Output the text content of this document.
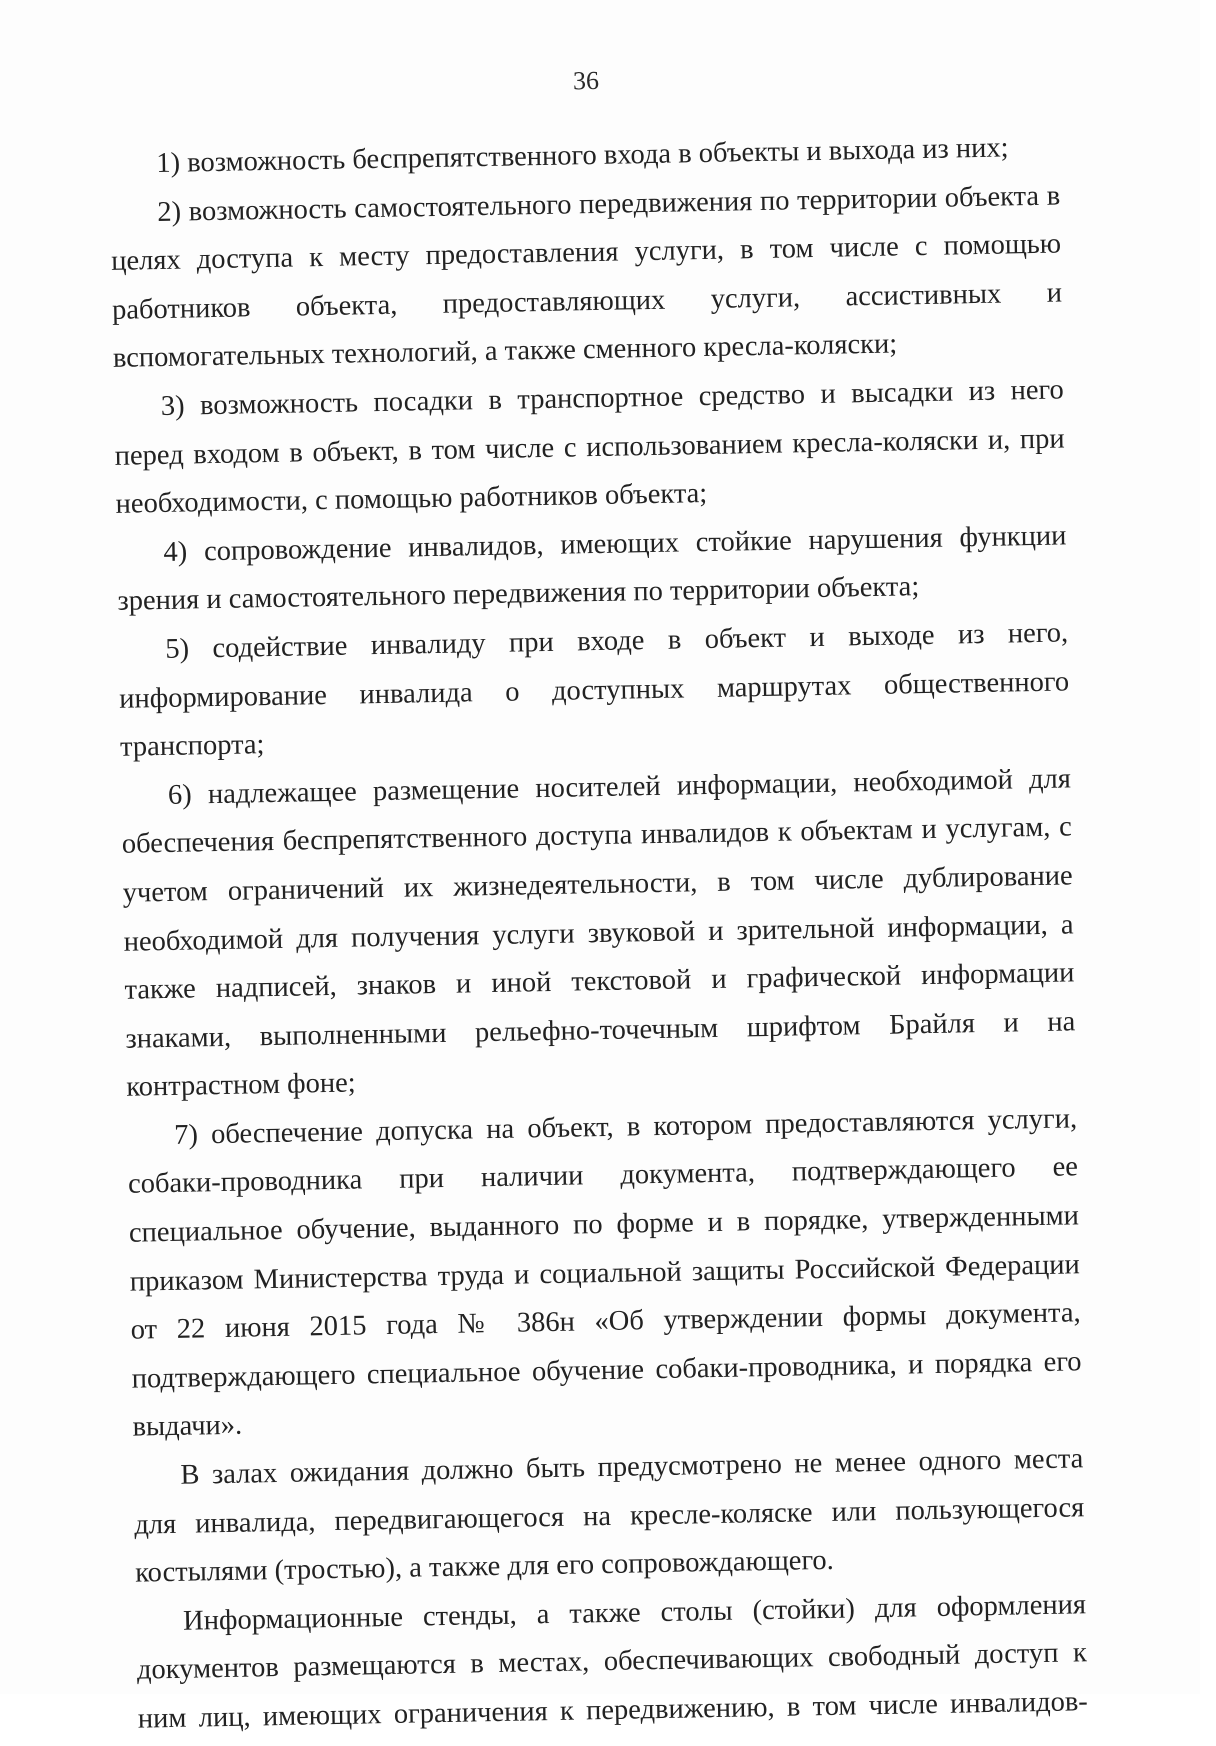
36

1) возможность беспрепятственного входа в объекты и выхода из них;

2) возможность самостоятельного передвижения по территории объекта в целях доступа к месту предоставления услуги, в том числе с помощью работников объекта, предоставляющих услуги, ассистивных и вспомогательных технологий, а также сменного кресла-коляски;

3) возможность посадки в транспортное средство и высадки из него перед входом в объект, в том числе с использованием кресла-коляски и, при необходимости, с помощью работников объекта;

4) сопровождение инвалидов, имеющих стойкие нарушения функции зрения и самостоятельного передвижения по территории объекта;

5) содействие инвалиду при входе в объект и выходе из него, информирование инвалида о доступных маршрутах общественного транспорта;

6) надлежащее размещение носителей информации, необходимой для обеспечения беспрепятственного доступа инвалидов к объектам и услугам, с учетом ограничений их жизнедеятельности, в том числе дублирование необходимой для получения услуги звуковой и зрительной информации, а также надписей, знаков и иной текстовой и графической информации знаками, выполненными рельефно-точечным шрифтом Брайля и на контрастном фоне;

7) обеспечение допуска на объект, в котором предоставляются услуги, собаки-проводника при наличии документа, подтверждающего ее специальное обучение, выданного по форме и в порядке, утвержденными приказом Министерства труда и социальной защиты Российской Федерации от 22 июня 2015 года № 386н «Об утверждении формы документа, подтверждающего специальное обучение собаки-проводника, и порядка его выдачи».

В залах ожидания должно быть предусмотрено не менее одного места для инвалида, передвигающегося на кресле-коляске или пользующегося костылями (тростью), а также для его сопровождающего.

Информационные стенды, а также столы (стойки) для оформления документов размещаются в местах, обеспечивающих свободный доступ к ним лиц, имеющих ограничения к передвижению, в том числе инвалидов-
